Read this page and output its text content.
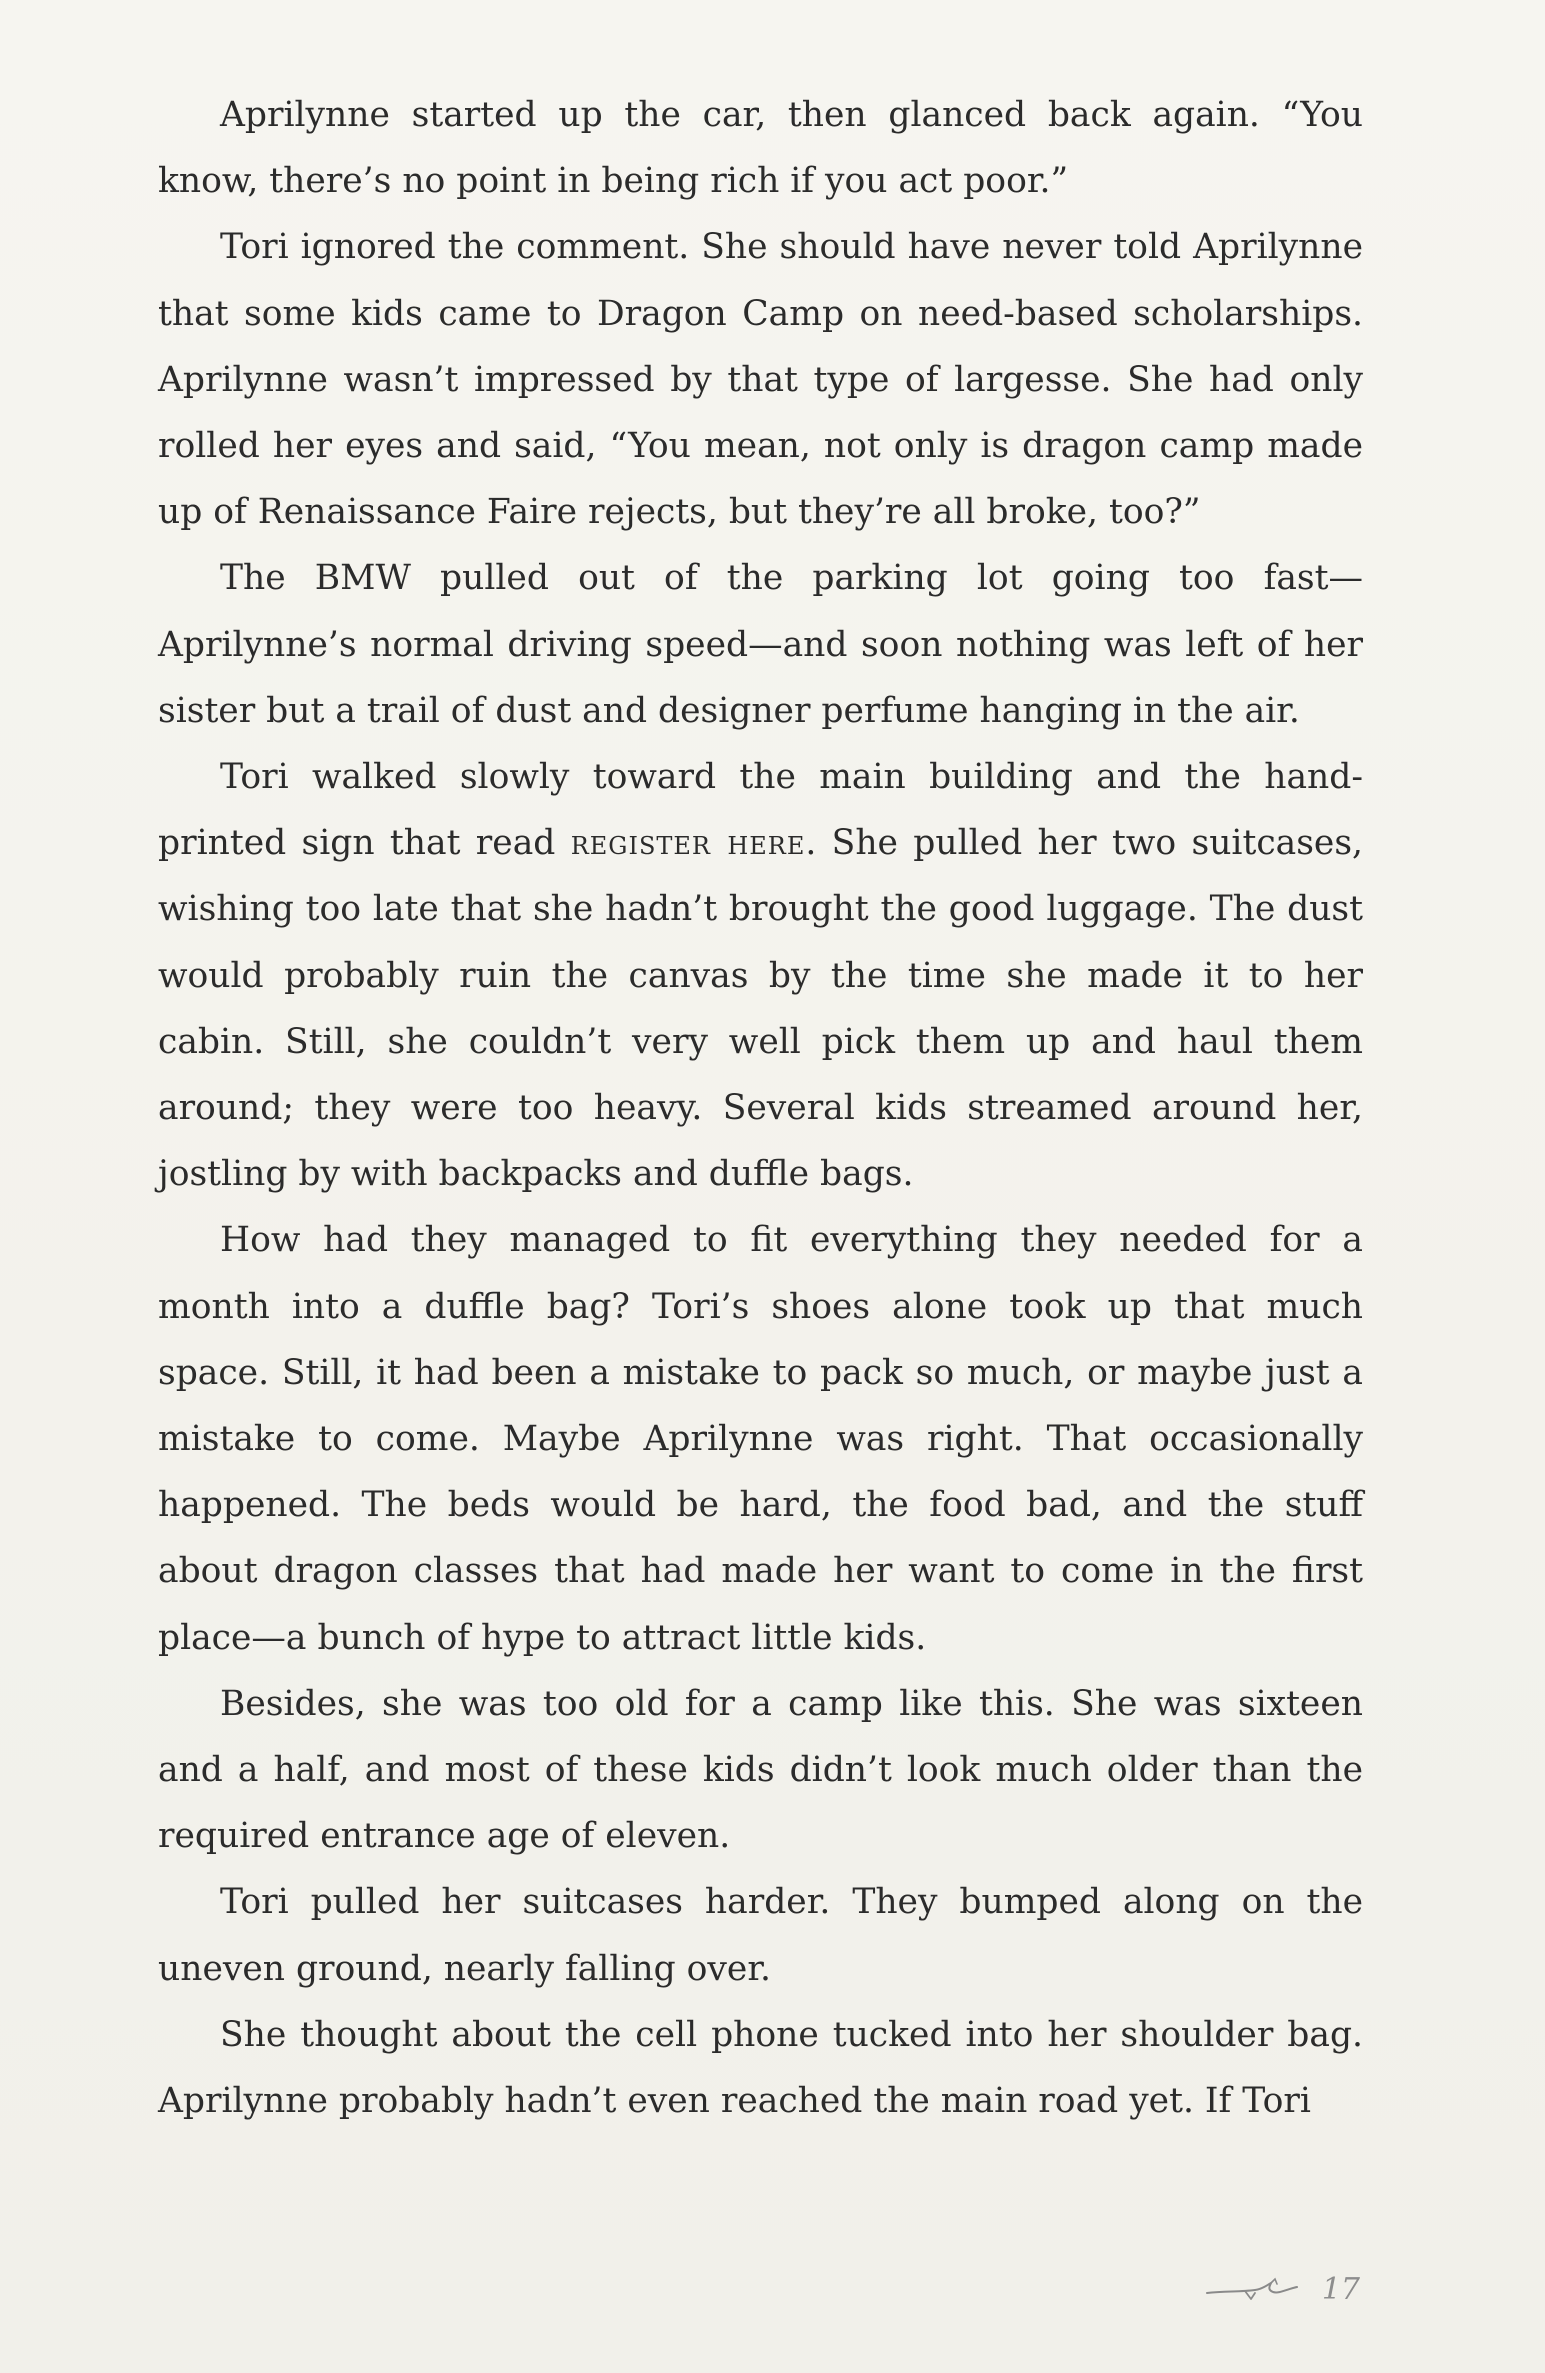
Aprilynne started up the car, then glanced back again. “You know, there’s no point in being rich if you act poor.”

Tori ignored the comment. She should have never told Aprilynne that some kids came to Dragon Camp on need-based scholarships. Aprilynne wasn’t impressed by that type of largesse. She had only rolled her eyes and said, “You mean, not only is dragon camp made up of Renaissance Faire rejects, but they’re all broke, too?”

The BMW pulled out of the parking lot going too fast—Aprilynne’s normal driving speed—and soon nothing was left of her sister but a trail of dust and designer perfume hanging in the air.

Tori walked slowly toward the main building and the hand-printed sign that read register here. She pulled her two suitcases, wishing too late that she hadn’t brought the good luggage. The dust would probably ruin the canvas by the time she made it to her cabin. Still, she couldn’t very well pick them up and haul them around; they were too heavy. Several kids streamed around her, jostling by with backpacks and duffle bags.

How had they managed to fit everything they needed for a month into a duffle bag? Tori’s shoes alone took up that much space. Still, it had been a mistake to pack so much, or maybe just a mistake to come. Maybe Aprilynne was right. That occasionally happened. The beds would be hard, the food bad, and the stuff about dragon classes that had made her want to come in the first place—a bunch of hype to attract little kids.

Besides, she was too old for a camp like this. She was sixteen and a half, and most of these kids didn’t look much older than the required entrance age of eleven.

Tori pulled her suitcases harder. They bumped along on the uneven ground, nearly falling over.

She thought about the cell phone tucked into her shoulder bag. Aprilynne probably hadn’t even reached the main road yet. If Tori

17
